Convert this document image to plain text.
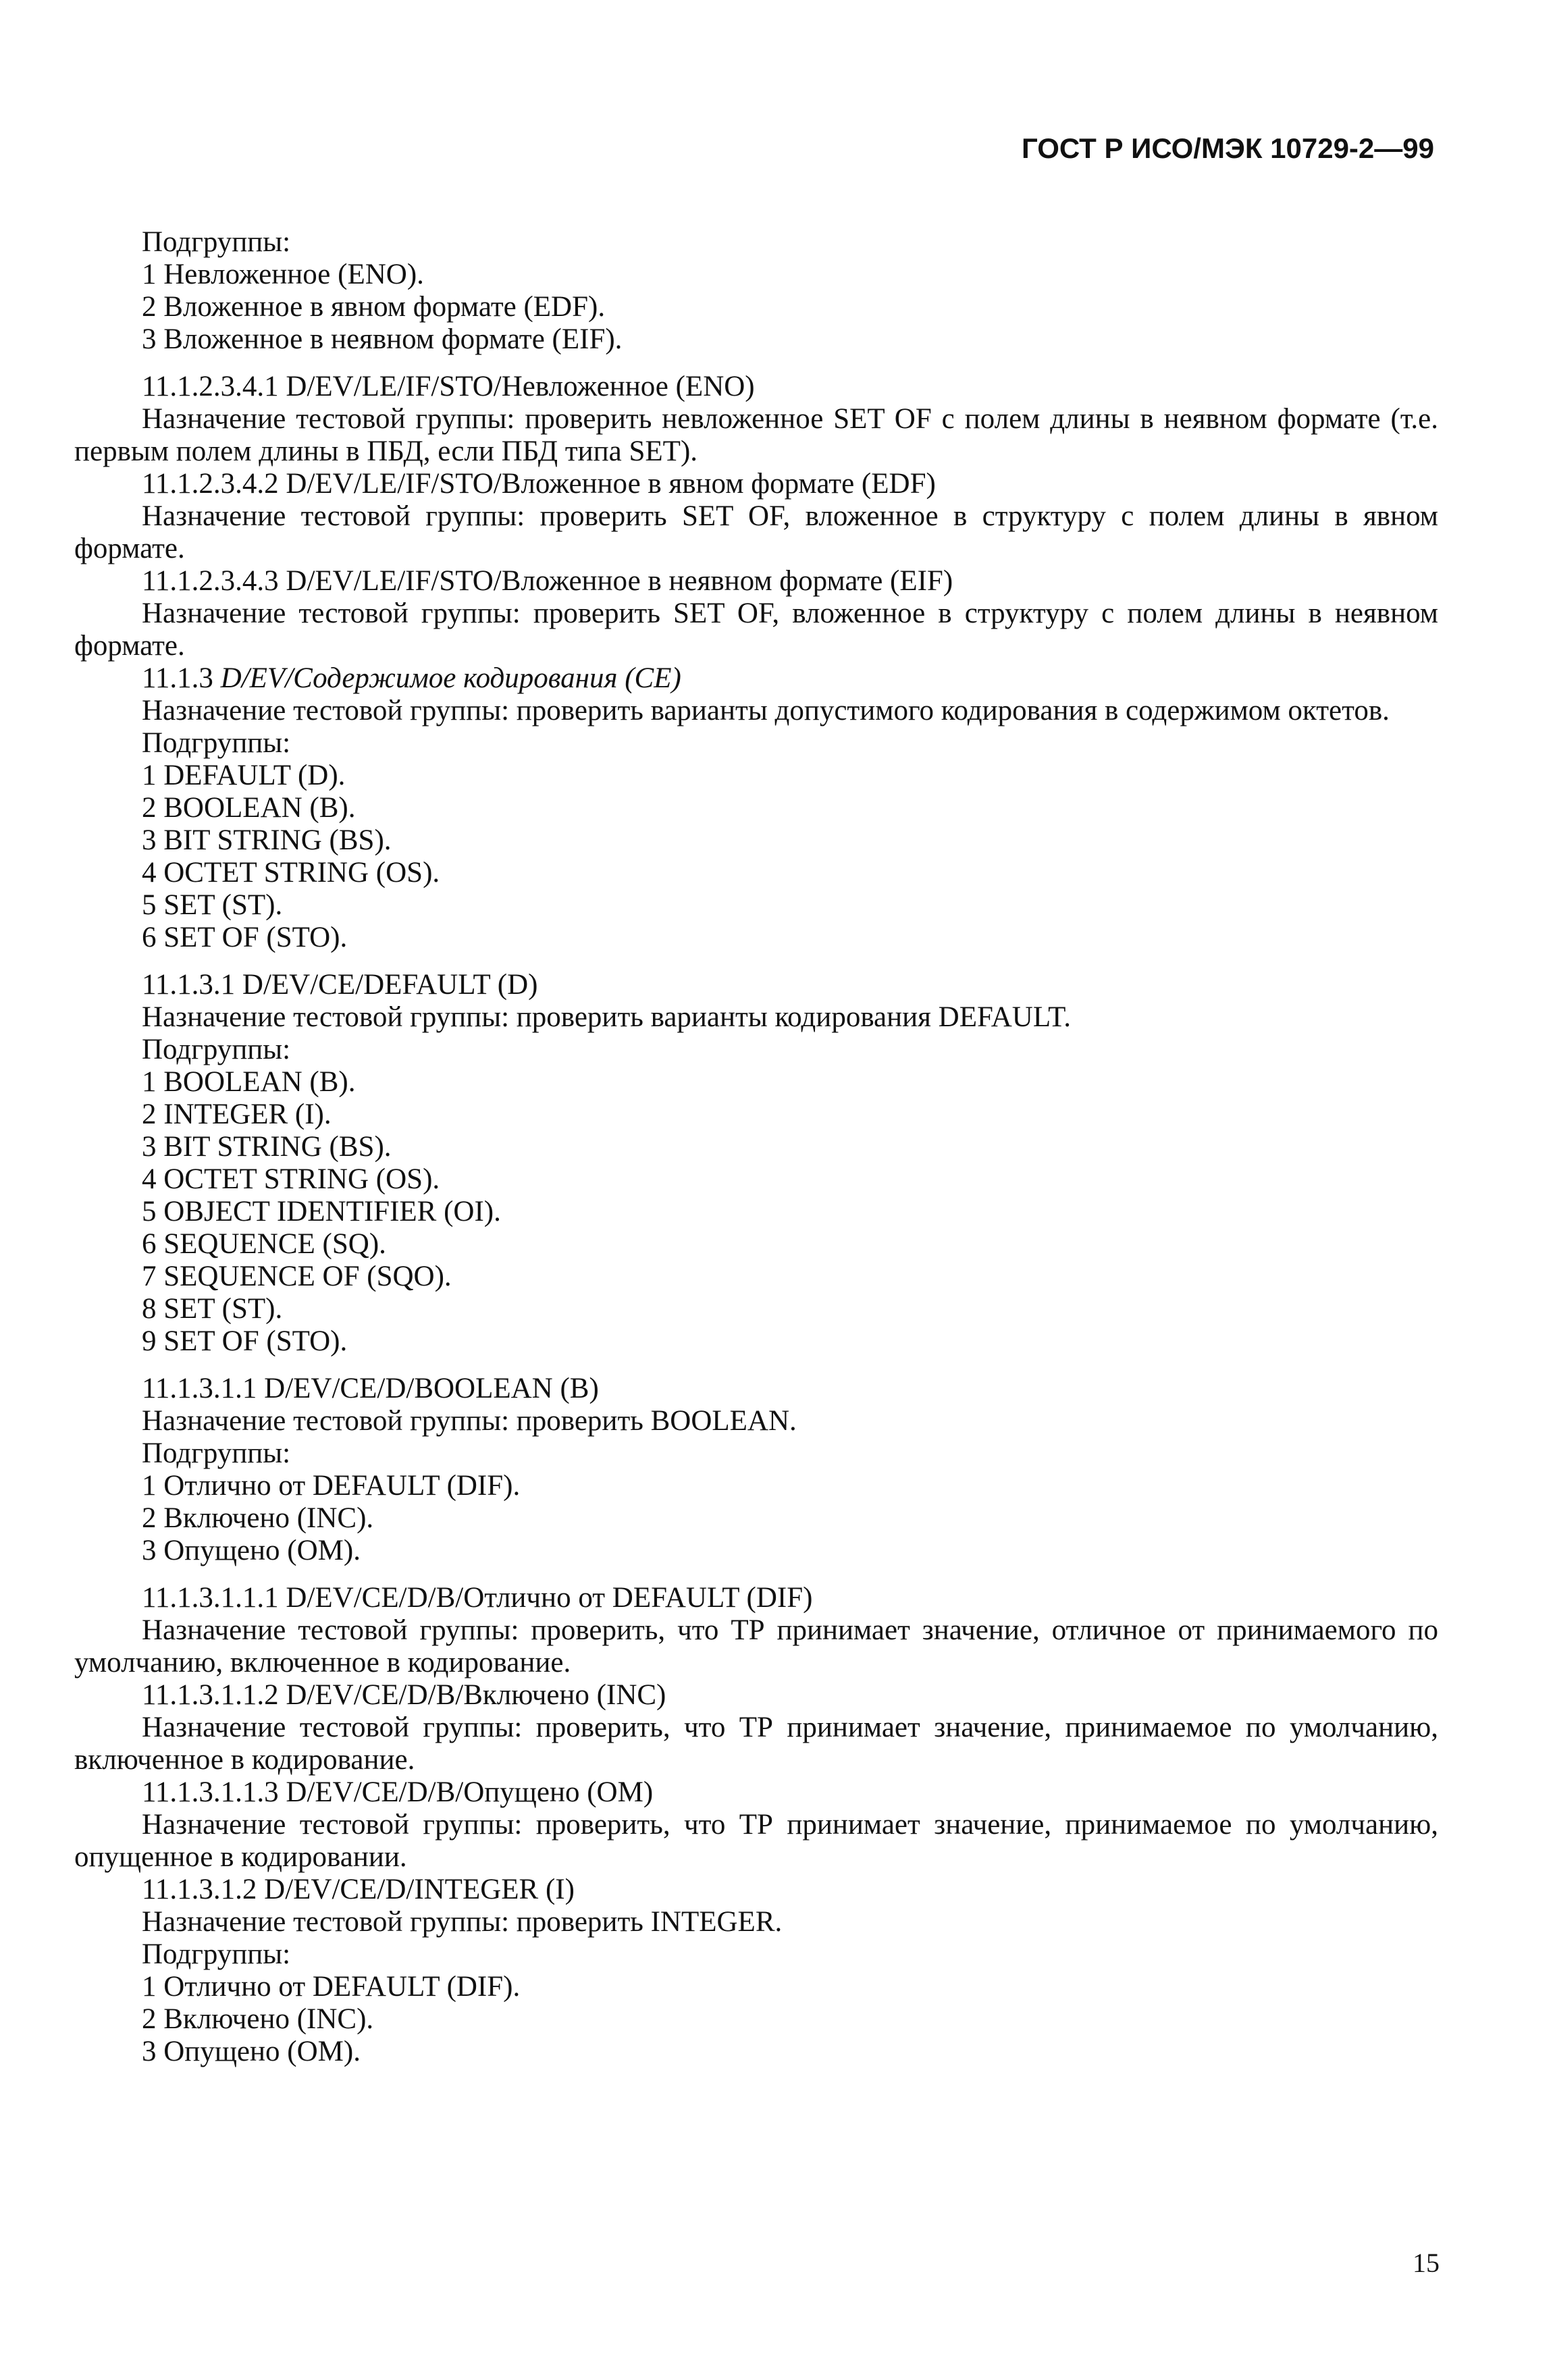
ГОСТ Р ИСО/МЭК 10729-2—99

Подгруппы:

1 Невложенное (ENO).

2 Вложенное в явном формате (EDF).

3 Вложенное в неявном формате (EIF).

11.1.2.3.4.1 D/EV/LE/IF/STO/Невложенное (ENO)

Назначение тестовой группы: проверить невложенное SET OF с полем длины в неявном формате (т.е. первым полем длины в ПБД, если ПБД типа SET).

11.1.2.3.4.2 D/EV/LE/IF/STO/Вложенное в явном формате (EDF)

Назначение тестовой группы: проверить SET OF, вложенное в структуру с полем длины в явном формате.

11.1.2.3.4.3 D/EV/LE/IF/STO/Вложенное в неявном формате (EIF)

Назначение тестовой группы: проверить SET OF, вложенное в структуру с полем длины в неявном формате.

11.1.3 D/EV/Содержимое кодирования (CE)

Назначение тестовой группы: проверить варианты допустимого кодирования в содержимом октетов.

Подгруппы:

1 DEFAULT (D).

2 BOOLEAN (B).

3 BIT STRING (BS).

4 OCTET STRING (OS).

5 SET (ST).

6 SET OF (STO).

11.1.3.1 D/EV/CE/DEFAULT (D)

Назначение тестовой группы: проверить варианты кодирования DEFAULT.

Подгруппы:

1 BOOLEAN (B).

2 INTEGER (I).

3 BIT STRING (BS).

4 OCTET STRING (OS).

5 OBJECT IDENTIFIER (OI).

6 SEQUENCE (SQ).

7 SEQUENCE OF (SQO).

8 SET (ST).

9 SET OF (STO).

11.1.3.1.1 D/EV/CE/D/BOOLEAN (B)

Назначение тестовой группы: проверить BOOLEAN.

Подгруппы:

1 Отлично от DEFAULT (DIF).

2 Включено (INC).

3 Опущено (OM).

11.1.3.1.1.1 D/EV/CE/D/B/Отлично от DEFAULT (DIF)

Назначение тестовой группы: проверить, что ТР принимает значение, отличное от принимаемого по умолчанию, включенное в кодирование.

11.1.3.1.1.2 D/EV/CE/D/B/Включено (INC)

Назначение тестовой группы: проверить, что ТР принимает значение, принимаемое по умолчанию, включенное в кодирование.

11.1.3.1.1.3 D/EV/CE/D/B/Опущено (OM)

Назначение тестовой группы: проверить, что ТР принимает значение, принимаемое по умолчанию, опущенное в кодировании.

11.1.3.1.2 D/EV/CE/D/INTEGER (I)

Назначение тестовой группы: проверить INTEGER.

Подгруппы:

1 Отлично от DEFAULT (DIF).

2 Включено (INC).

3 Опущено (OM).

15
